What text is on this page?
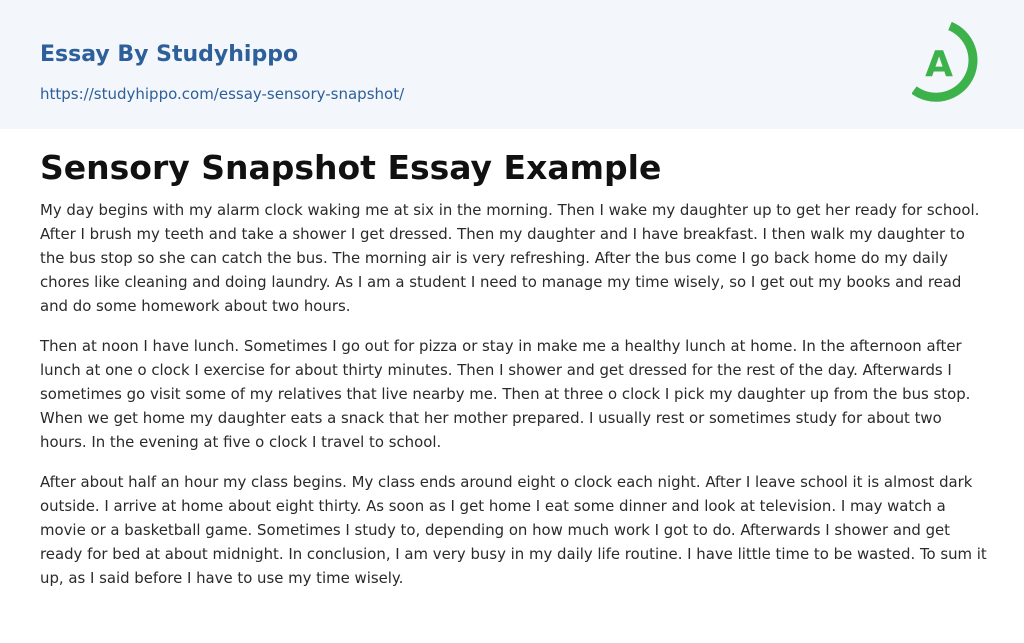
Essay By Studyhippo
https://studyhippo.com/essay-sensory-snapshot/
A
Sensory Snapshot Essay Example

My day begins with my alarm clock waking me at six in the morning. Then I wake my daughter up to get her ready for school. After I brush my teeth and take a shower I get dressed. Then my daughter and I have breakfast. I then walk my daughter to the bus stop so she can catch the bus. The morning air is very refreshing. After the bus come I go back home do my daily chores like cleaning and doing laundry. As I am a student I need to manage my time wisely, so I get out my books and read and do some homework about two hours.

Then at noon I have lunch. Sometimes I go out for pizza or stay in make me a healthy lunch at home. In the afternoon after lunch at one o clock I exercise for about thirty minutes. Then I shower and get dressed for the rest of the day. Afterwards I sometimes go visit some of my relatives that live nearby me. Then at three o clock I pick my daughter up from the bus stop. When we get home my daughter eats a snack that her mother prepared. I usually rest or sometimes study for about two hours. In the evening at five o clock I travel to school.

After about half an hour my class begins. My class ends around eight o clock each night. After I leave school it is almost dark outside. I arrive at home about eight thirty. As soon as I get home I eat some dinner and look at television. I may watch a movie or a basketball game. Sometimes I study to, depending on how much work I got to do. Afterwards I shower and get ready for bed at about midnight. In conclusion, I am very busy in my daily life routine. I have little time to be wasted. To sum it up, as I said before I have to use my time wisely.
